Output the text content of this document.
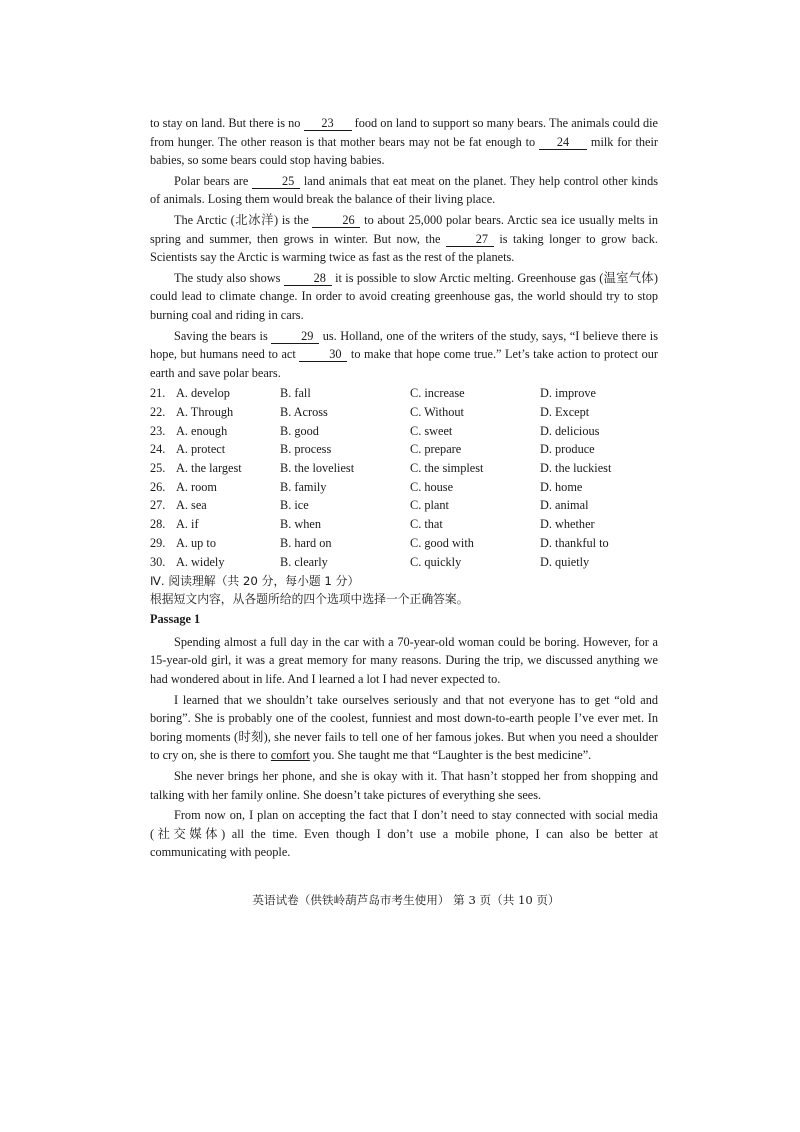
to stay on land. But there is no 23 food on land to support so many bears. The animals could die from hunger. The other reason is that mother bears may not be fat enough to 24 milk for their babies, so some bears could stop having babies.

Polar bears are 25 land animals that eat meat on the planet. They help control other kinds of animals. Losing them would break the balance of their living place.

The Arctic (北冰洋) is the 26 to about 25,000 polar bears. Arctic sea ice usually melts in spring and summer, then grows in winter. But now, the 27 is taking longer to grow back. Scientists say the Arctic is warming twice as fast as the rest of the planets.

The study also shows 28 it is possible to slow Arctic melting. Greenhouse gas (温室气体) could lead to climate change. In order to avoid creating greenhouse gas, the world should try to stop burning coal and riding in cars.

Saving the bears is 29 us. Holland, one of the writers of the study, says, “I believe there is hope, but humans need to act 30 to make that hope come true.” Let’s take action to protect our earth and save polar bears.

21. A. develop	B. fall	C. increase	D. improve
22. A. Through	B. Across	C. Without	D. Except
23. A. enough	B. good	C. sweet	D. delicious
24. A. protect	B. process	C. prepare	D. produce
25. A. the largest	B. the loveliest	C. the simplest	D. the luckiest
26. A. room	B. family	C. house	D. home
27. A. sea	B. ice	C. plant	D. animal
28. A. if	B. when	C. that	D. whether
29. A. up to	B. hard on	C. good with	D. thankful to
30. A. widely	B. clearly	C. quickly	D. quietly

Ⅳ. 阅读理解（共 20 分，每小题 1 分）

根据短文内容，从各题所给的四个选项中选择一个正确答案。

Passage 1

Spending almost a full day in the car with a 70-year-old woman could be boring. However, for a 15-year-old girl, it was a great memory for many reasons. During the trip, we discussed anything we had wondered about in life. And I learned a lot I had never expected to.

I learned that we shouldn’t take ourselves seriously and that not everyone has to get “old and boring”. She is probably one of the coolest, funniest and most down-to-earth people I’ve ever met. In boring moments (时刻), she never fails to tell one of her famous jokes. But when you need a shoulder to cry on, she is there to comfort you. She taught me that “Laughter is the best medicine”.

She never brings her phone, and she is okay with it. That hasn’t stopped her from shopping and talking with her family online. She doesn’t take pictures of everything she sees.

From now on, I plan on accepting the fact that I don’t need to stay connected with social media (社交媒体) all the time. Even though I don’t use a mobile phone, I can also be better at communicating with people.

英语试卷（供铁岭葫芦岛市考生使用） 第 3 页（共 10 页）
